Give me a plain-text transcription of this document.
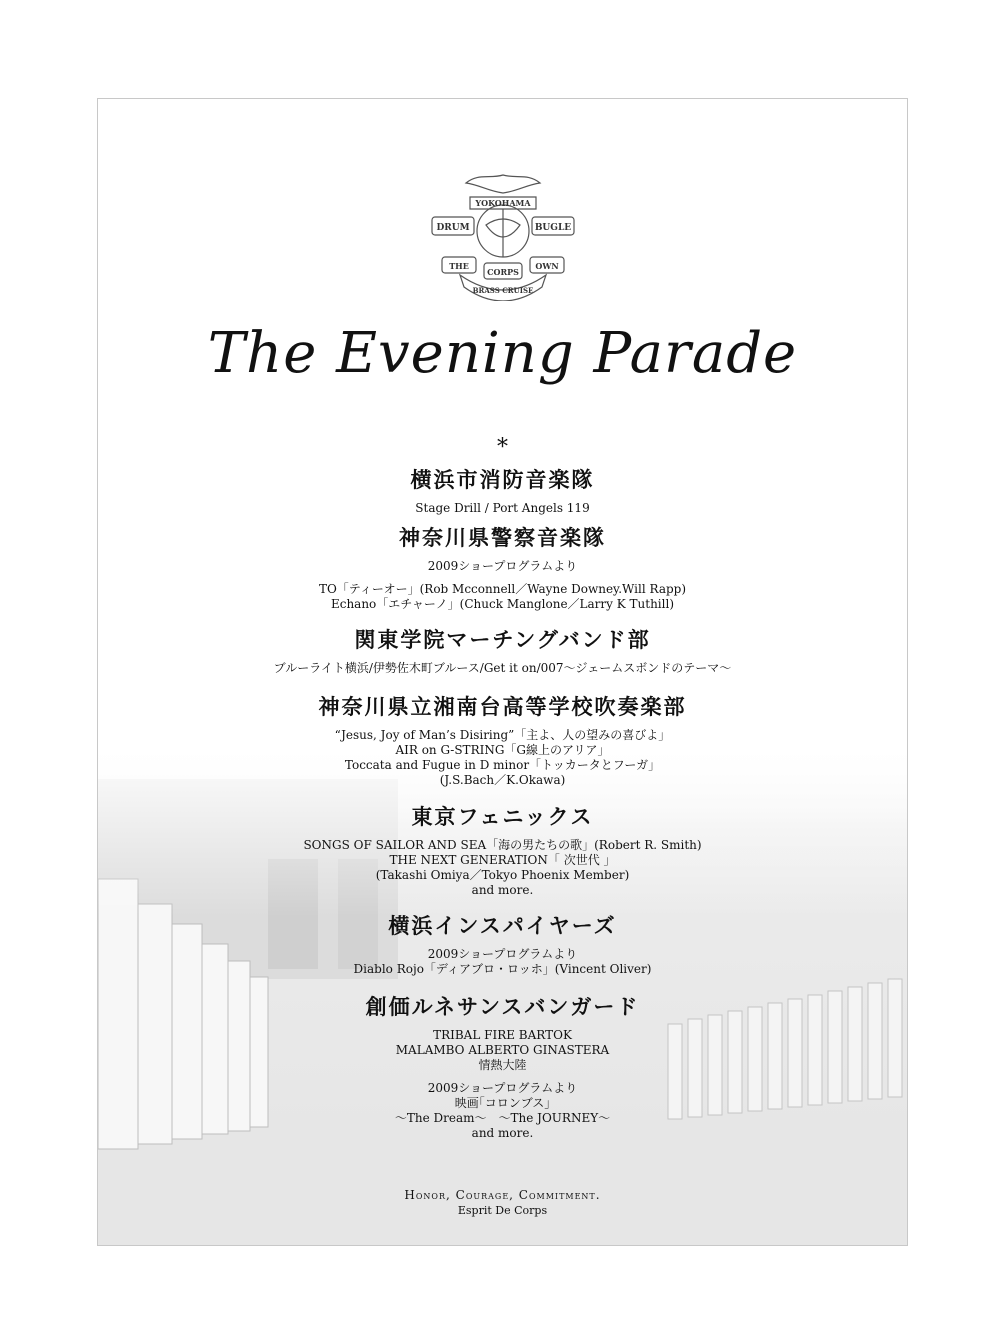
YOKOHAMA
DRUM	BUGLE
THE
CORPS
OWN
BRASS CRUISE
The Evening Parade
*

横浜市消防音楽隊

Stage Drill / Port Angels 119

神奈川県警察音楽隊

2009ショープログラムより

TO「ティーオー」(Rob Mcconnell／Wayne Downey.Will Rapp)

Echano「エチャーノ」(Chuck Manglone／Larry K Tuthill)

関東学院マーチングバンド部

ブルーライト横浜/伊勢佐木町ブルース/Get it on/007～ジェームスボンドのテーマ～

神奈川県立湘南台高等学校吹奏楽部

“Jesus, Joy of Man’s Disiring”「主よ、人の望みの喜びよ」

AIR on G-STRING「G線上のアリア」

Toccata and Fugue in D minor「トッカータとフーガ」

(J.S.Bach／K.Okawa)

東京フェニックス

SONGS OF SAILOR AND SEA「海の男たちの歌」(Robert R. Smith)

THE NEXT GENERATION「 次世代 」

(Takashi Omiya／Tokyo Phoenix Member)

and more.

横浜インスパイヤーズ

2009ショープログラムより

Diablo Rojo「ディアブロ・ロッホ」(Vincent Oliver)

創価ルネサンスバンガード

TRIBAL FIRE BARTOK

MALAMBO ALBERTO GINASTERA

情熱大陸

2009ショープログラムより

映画｢コロンブス｣

～The Dream～　～The JOURNEY～

and more.

Honor, Courage, Commitment.

Esprit De Corps
